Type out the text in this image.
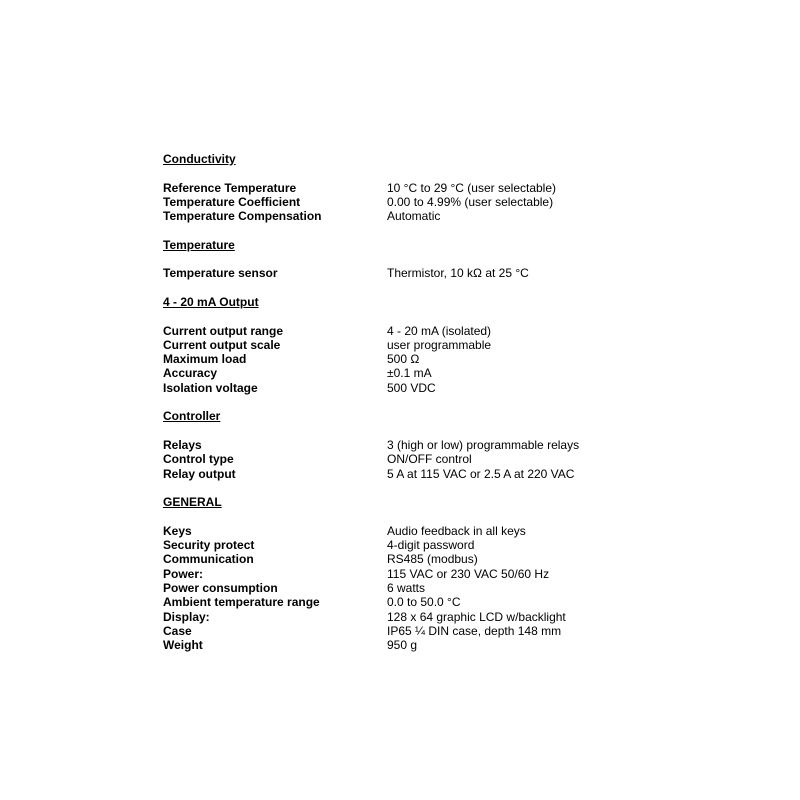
Conductivity
Reference Temperature	10 °C to 29 °C (user selectable)
Temperature Coefficient	0.00 to 4.99% (user selectable)
Temperature Compensation	Automatic
Temperature
Temperature sensor	Thermistor, 10 kΩ at 25 °C
4 - 20 mA Output
Current output range	4 - 20 mA (isolated)
Current output scale	user programmable
Maximum load	500 Ω
Accuracy	±0.1 mA
Isolation voltage	500 VDC
Controller
Relays	3 (high or low) programmable relays
Control type	ON/OFF control
Relay output	5 A at 115 VAC or 2.5 A at 220 VAC
GENERAL
Keys	Audio feedback in all keys
Security protect	4-digit password
Communication	RS485 (modbus)
Power:	115 VAC or 230 VAC 50/60 Hz
Power consumption	6 watts
Ambient temperature range	0.0 to 50.0 °C
Display:	128 x 64 graphic LCD w/backlight
Case	IP65 ¼ DIN case, depth 148 mm
Weight	950 g
